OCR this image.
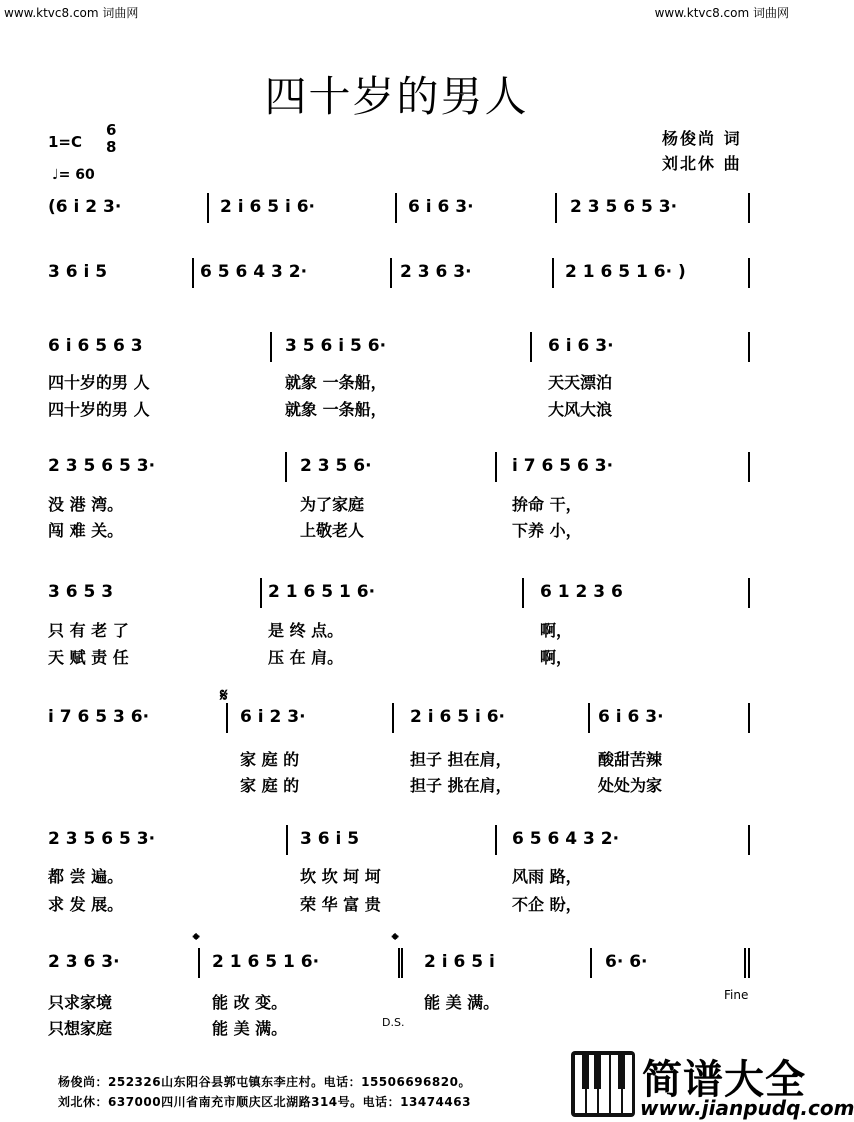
www.ktvc8.com 词曲网	www.ktvc8.com 词曲网
四十岁的男人
1=C
6
8
♩= 60
杨俊尚 词
刘北休 曲
(6 i 2 3·	2 i 6 5 i 6·	6 i 6 3·	2 3 5 6 5 3·
3 6 i 5	6 5 6 4 3 2·	2 3 6 3·	2 1 6 5 1 6· )
6 i 6 5 6 3	3 5 6 i 5 6·	6 i 6 3·
四十岁的男 人	就象 一条船，	天天漂泊
四十岁的男 人	就象 一条船，	大风大浪
2 3 5 6 5 3·	2 3 5 6·	i 7 6 5 6 3·
没 港 湾。	为了家庭	拚命 干，
闯 难 关。	上敬老人	下养 小，
3 6 5 3	2 1 6 5 1 6·	6 1 2 3 6
只 有 老 了	是 终 点。	啊，
天 赋 责 任	压 在 肩。	啊，
i 7 6 5 3 6·	6 i 2 3·	2 i 6 5 i 6·	6 i 6 3·
家 庭 的	担子 担在肩，	酸甜苦辣
家 庭 的	担子 挑在肩，	处处为家
2 3 5 6 5 3·	3 6 i 5	6 5 6 4 3 2·
都 尝 遍。	坎 坎 坷 坷	风雨 路，
求 发 展。	荣 华 富 贵	不企 盼，
2 3 6 3·	2 1 6 5 1 6·	2 i 6 5 i	6· 6·
只求家境	能 改 变。	能 美 满。
只想家庭	能 美 满。
𝄋
𝄌	𝄌
Fine
D.S.
杨俊尚：252326山东阳谷县郭屯镇东李庄村。电话：15506696820。
刘北休：637000四川省南充市顺庆区北湖路314号。电话：13474463	简谱大全
www.jianpudq.com
